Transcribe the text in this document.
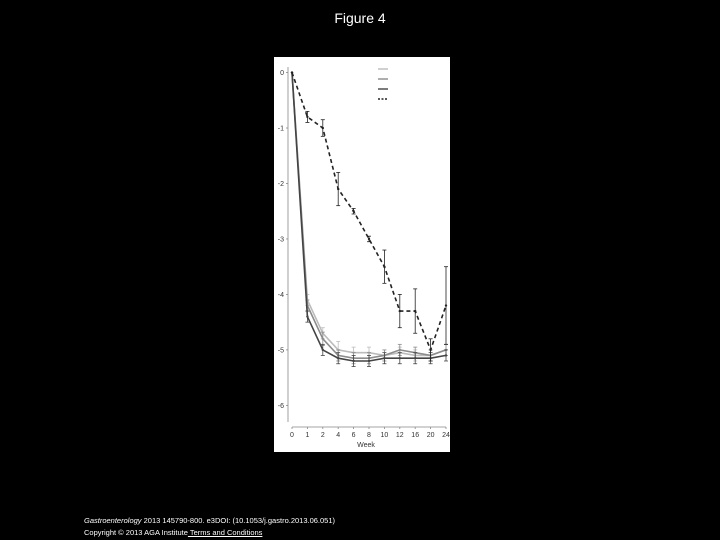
Figure 4
0
-1
-2
-3
-4
-5
-6
0 1 2 4 6 8 10 12 16 20 24
Week
Gastroenterology 2013 145790-800. e3DOI: (10.1053/j.gastro.2013.06.051)
Copyright © 2013 AGA Institute Terms and Conditions
